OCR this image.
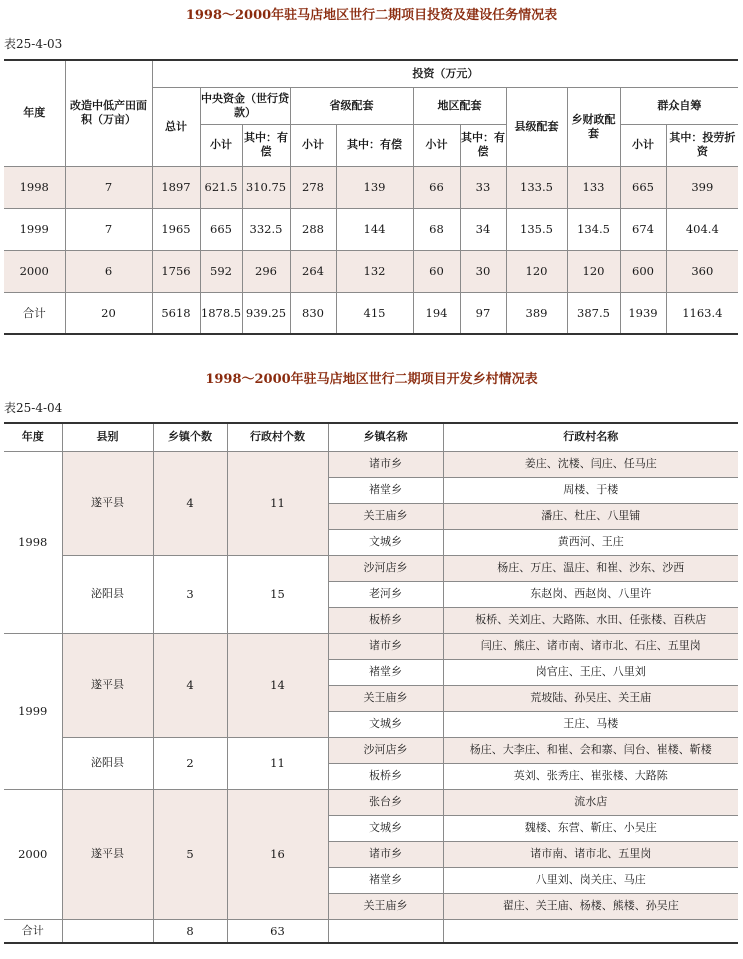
1998～2000年驻马店地区世行二期项目投资及建设任务情况表
表25-4-03
年度	改造中低产田面积（万亩）	投资（万元）										
		总计	中央资金（世行贷款）		省级配套		地区配套		县级配套	乡财政配套	群众自筹	
			小计	其中：有偿	小计	其中：有偿	小计	其中：有偿			小计	其中：投劳折资
1998	7	1897	621.5	310.75	278	139	66	33	133.5	133	665	399
1999	7	1965	665	332.5	288	144	68	34	135.5	134.5	674	404.4
2000	6	1756	592	296	264	132	60	30	120	120	600	360
合计	20	5618	1878.5	939.25	830	415	194	97	389	387.5	1939	1163.4
1998～2000年驻马店地区世行二期项目开发乡村情况表
表25-4-04
年度	县别	乡镇个数	行政村个数	乡镇名称	行政村名称
1998	遂平县	4	11	诸市乡	姜庄、沈楼、闫庄、任马庄
				褚堂乡	周楼、于楼
				关王庙乡	潘庄、杜庄、八里铺
				文城乡	黄西河、王庄
	泌阳县	3	15	沙河店乡	杨庄、万庄、温庄、和崔、沙东、沙西
				老河乡	东赵岗、西赵岗、八里许
				板桥乡	板桥、关刘庄、大路陈、水田、任张楼、百秩店
1999	遂平县	4	14	诸市乡	闫庄、熊庄、诸市南、诸市北、石庄、五里岗
				褚堂乡	岗官庄、王庄、八里刘
				关王庙乡	荒坡陆、孙吴庄、关王庙
				文城乡	王庄、马楼
	泌阳县	2	11	沙河店乡	杨庄、大李庄、和崔、会和寨、闫台、崔楼、靳楼
				板桥乡	英刘、张秀庄、崔张楼、大路陈
2000	遂平县	5	16	张台乡	流水店
				文城乡	魏楼、东营、靳庄、小吴庄
				诸市乡	诸市南、诸市北、五里岗
				褚堂乡	八里刘、岗关庄、马庄
				关王庙乡	翟庄、关王庙、杨楼、熊楼、孙吴庄
合计		8	63		
